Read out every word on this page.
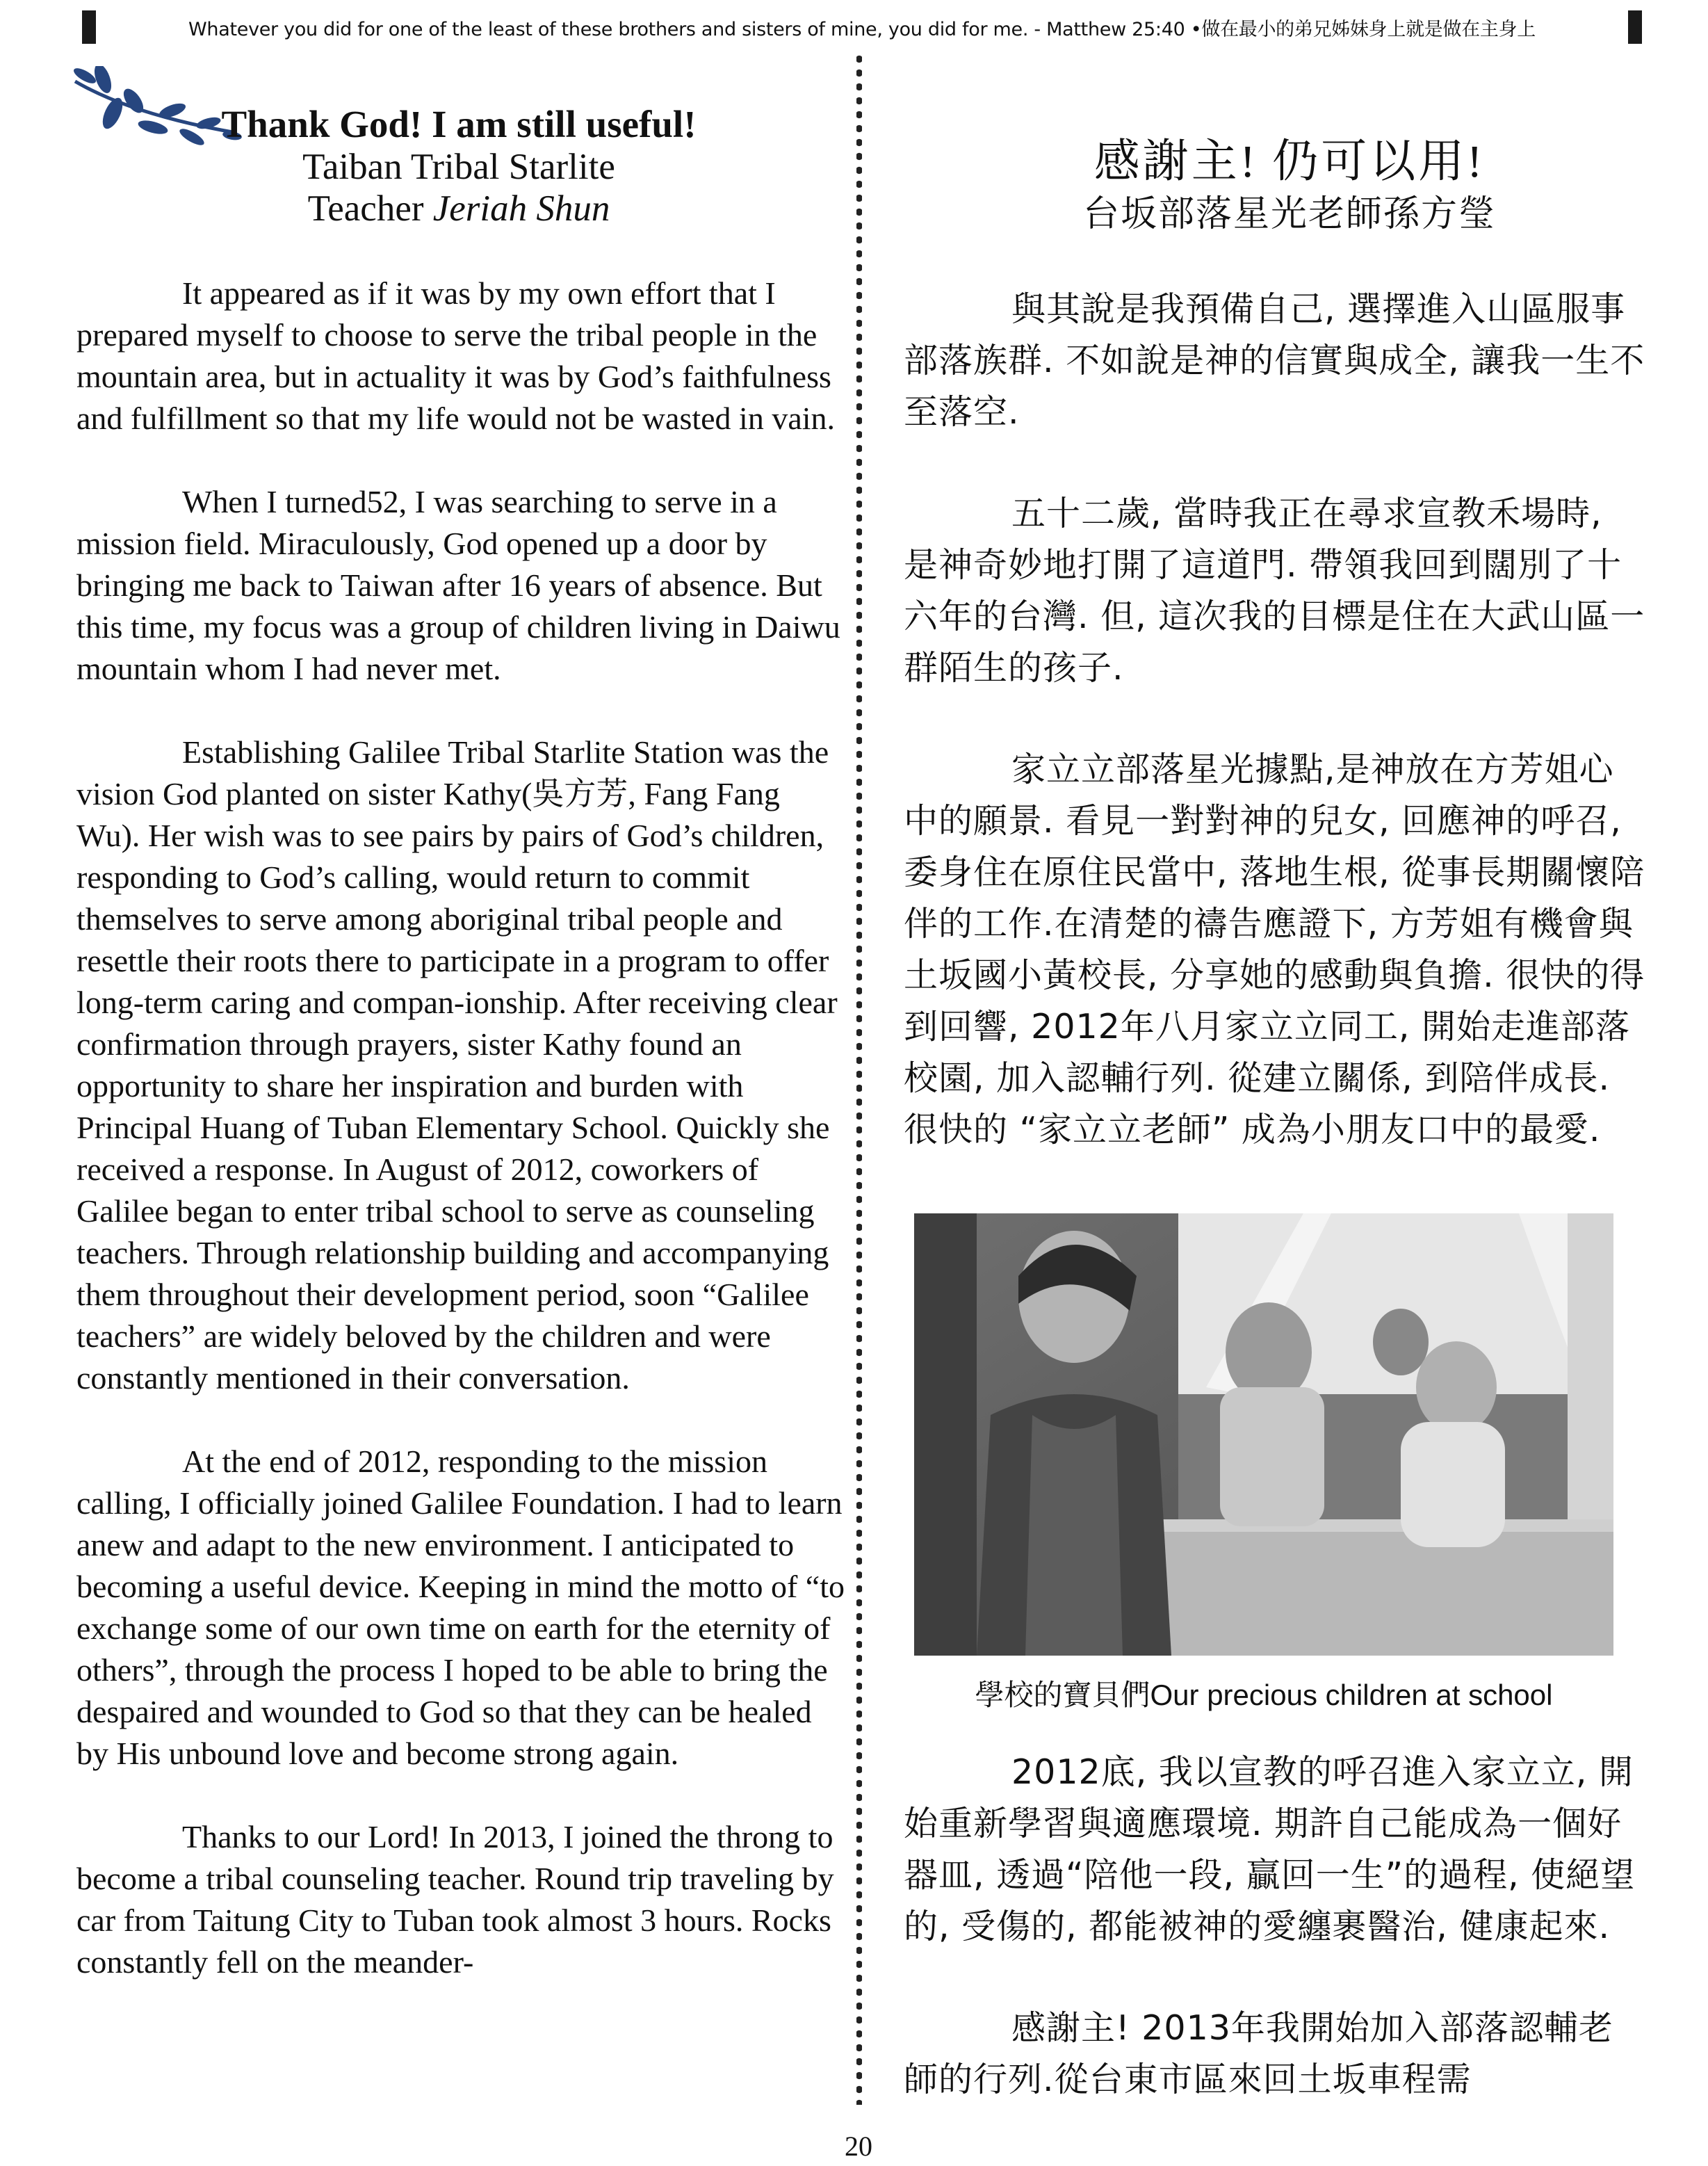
Whatever you did for one of the least of these brothers and sisters of mine, you did for me. - Matthew 25:40 •做在最小的弟兄姊妹身上就是做在主身上
Thank God! I am still useful!
Taiban Tribal Starlite
Teacher Jeriah Shun

It appeared as if it was by my own effort that I prepared myself to choose to serve the tribal people in the mountain area, but in actuality it was by God’s faithfulness and fulfillment so that my life would not be wasted in vain.

When I turned52, I was searching to serve in a mission field. Miraculously, God opened up a door by bringing me back to Taiwan after 16 years of absence. But this time, my focus was a group of children living in Daiwu mountain whom I had never met.

Establishing Galilee Tribal Starlite Station was the vision God planted on sister Kathy(吳方芳, Fang Fang Wu). Her wish was to see pairs by pairs of God’s children, responding to God’s calling, would return to commit themselves to serve among aboriginal tribal people and resettle their roots there to participate in a program to offer long-term caring and compan-ionship. After receiving clear confirmation through prayers, sister Kathy found an opportunity to share her inspiration and burden with Principal Huang of Tuban Elementary School. Quickly she received a response. In August of 2012, coworkers of Galilee began to enter tribal school to serve as counseling teachers. Through relationship building and accompanying them throughout their development period, soon “Galilee teachers” are widely beloved by the children and were constantly mentioned in their conversation.

At the end of 2012, responding to the mission calling, I officially joined Galilee Foundation. I had to learn anew and adapt to the new environment. I anticipated to becoming a useful device. Keeping in mind the motto of “to exchange some of our own time on earth for the eternity of others”, through the process I hoped to be able to bring the despaired and wounded to God so that they can be healed by His unbound love and become strong again.

Thanks to our Lord! In 2013, I joined the throng to become a tribal counseling teacher. Round trip traveling by car from Taitung City to Tuban took almost 3 hours. Rocks constantly fell on the meander-

感謝主! 仍可以用!
台坂部落星光老師孫方瑩

與其說是我預備自己, 選擇進入山區服事部落族群. 不如說是神的信實與成全, 讓我一生不至落空.

五十二歲, 當時我正在尋求宣教禾場時, 是神奇妙地打開了這道門. 帶領我回到闊別了十六年的台灣. 但, 這次我的目標是住在大武山區一群陌生的孩子.

家立立部落星光據點,是神放在方芳姐心中的願景. 看見一對對神的兒女, 回應神的呼召, 委身住在原住民當中, 落地生根, 從事長期關懷陪伴的工作.在清楚的禱告應證下, 方芳姐有機會與土坂國小黃校長, 分享她的感動與負擔. 很快的得到回響, 2012年八月家立立同工, 開始走進部落校園, 加入認輔行列. 從建立關係, 到陪伴成長. 很快的 “家立立老師” 成為小朋友口中的最愛.

學校的寶貝們Our precious children at school

2012底, 我以宣教的呼召進入家立立, 開始重新學習與適應環境. 期許自己能成為一個好器皿, 透過“陪他一段, 贏回一生”的過程, 使絕望的, 受傷的, 都能被神的愛纏裹醫治, 健康起來.

感謝主! 2013年我開始加入部落認輔老師的行列.從台東市區來回土坂車程需

20
